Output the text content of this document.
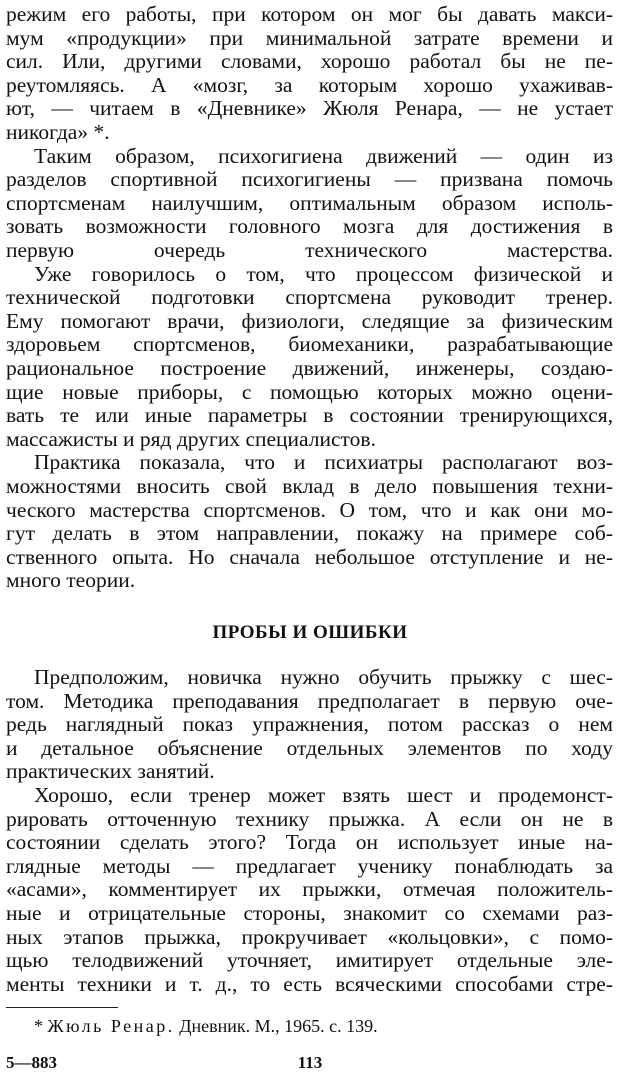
режим его работы, при котором он мог бы давать макси-
мум «продукции» при минимальной затрате времени и
сил. Или, другими словами, хорошо работал бы не пе-
реутомляясь. А «мозг, за которым хорошо ухаживав-
ют, — читаем в «Дневнике» Жюля Ренара, — не устает
никогда» *.
Таким образом, психогигиена движений — один из
разделов спортивной психогигиены — призвана помочь
спортсменам наилучшим, оптимальным образом исполь-
зовать возможности головного мозга для достижения в
первую очередь технического мастерства.
Уже говорилось о том, что процессом физической и
технической подготовки спортсмена руководит тренер.
Ему помогают врачи, физиологи, следящие за физическим
здоровьем спортсменов, биомеханики, разрабатывающие
рациональное построение движений, инженеры, создаю-
щие новые приборы, с помощью которых можно оцени-
вать те или иные параметры в состоянии тренирующихся,
массажисты и ряд других специалистов.
Практика показала, что и психиатры располагают воз-
можностями вносить свой вклад в дело повышения техни-
ческого мастерства спортсменов. О том, что и как они мо-
гут делать в этом направлении, покажу на примере соб-
ственного опыта. Но сначала небольшое отступление и не-
много теории.
ПРОБЫ И ОШИБКИ
Предположим, новичка нужно обучить прыжку с шес-
том. Методика преподавания предполагает в первую оче-
редь наглядный показ упражнения, потом рассказ о нем
и детальное объяснение отдельных элементов по ходу
практических занятий.
Хорошо, если тренер может взять шест и продемонст-
рировать отточенную технику прыжка. А если он не в
состоянии сделать этого? Тогда он использует иные на-
глядные методы — предлагает ученику понаблюдать за
«асами», комментирует их прыжки, отмечая положитель-
ные и отрицательные стороны, знакомит со схемами раз-
ных этапов прыжка, прокручивает «кольцовки», с помо-
щью телодвижений уточняет, имитирует отдельные элe-
менты техники и т. д., то есть всяческими способами стре-
* Жюль Ренар. Дневник. М., 1965. с. 139.
5—883	113
